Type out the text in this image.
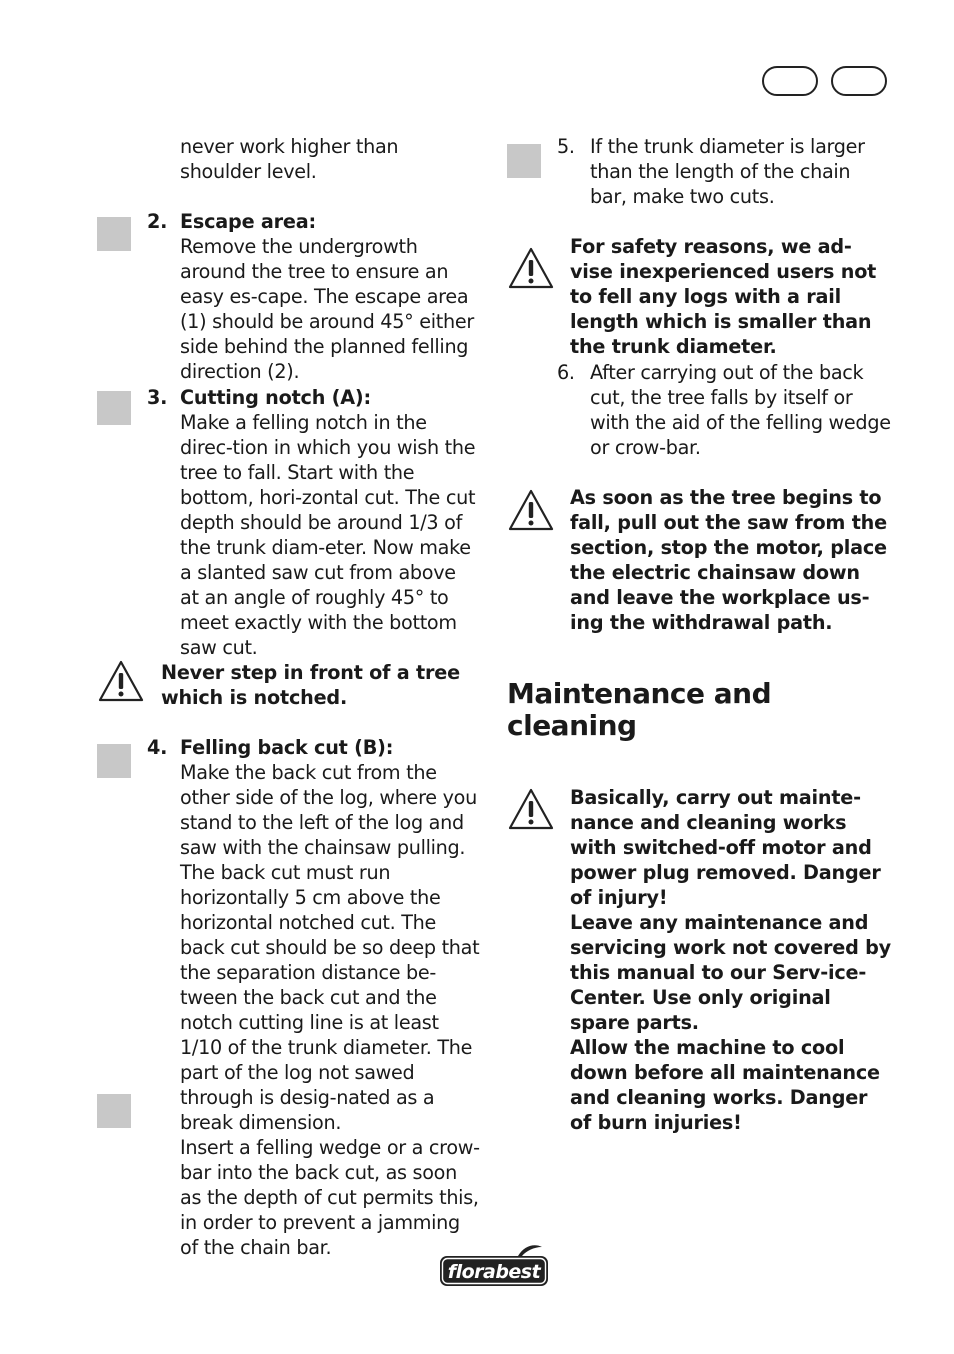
never work higher than shoulder level.
2. Escape area:

Remove the undergrowth around the tree to ensure an easy es-cape. The escape area (1) should be around 45° either side behind the planned felling direction (2).

3. Cutting notch (A):

Make a felling notch in the direc-tion in which you wish the tree to fall. Start with the bottom, hori-zontal cut. The cut depth should be around 1/3 of the trunk diam-eter. Now make a slanted saw cut from above at an angle of roughly 45° to meet exactly with the bottom saw cut.

Never step in front of a tree which is notched.
4. Felling back cut (B):

Make the back cut from the other side of the log, where you stand to the left of the log and saw with the chainsaw pulling. The back cut must run horizontally 5 cm above the horizontal notched cut. The back cut should be so deep that the separation distance be-tween the back cut and the notch cutting line is at least 1/10 of the trunk diameter. The part of the log not sawed through is desig-nated as a break dimension.

Insert a felling wedge or a crow-bar into the back cut, as soon as the depth of cut permits this, in order to prevent a jamming of the chain bar.

5. If the trunk diameter is larger than the length of the chain bar, make two cuts.
For safety reasons, we ad-vise inexperienced users not to fell any logs with a rail length which is smaller than the trunk diameter.
6. After carrying out of the back cut, the tree falls by itself or with the aid of the felling wedge or crow-bar.
As soon as the tree begins to fall, pull out the saw from the section, stop the motor, place the electric chainsaw down and leave the workplace us-ing the withdrawal path.
Maintenance and cleaning

Basically, carry out mainte-nance and cleaning works with switched-off motor and power plug removed. Danger of injury!

Leave any maintenance and servicing work not covered by this manual to our Serv-ice-Center. Use only original spare parts.

Allow the machine to cool down before all maintenance and cleaning works. Danger of burn injuries!

florabest
